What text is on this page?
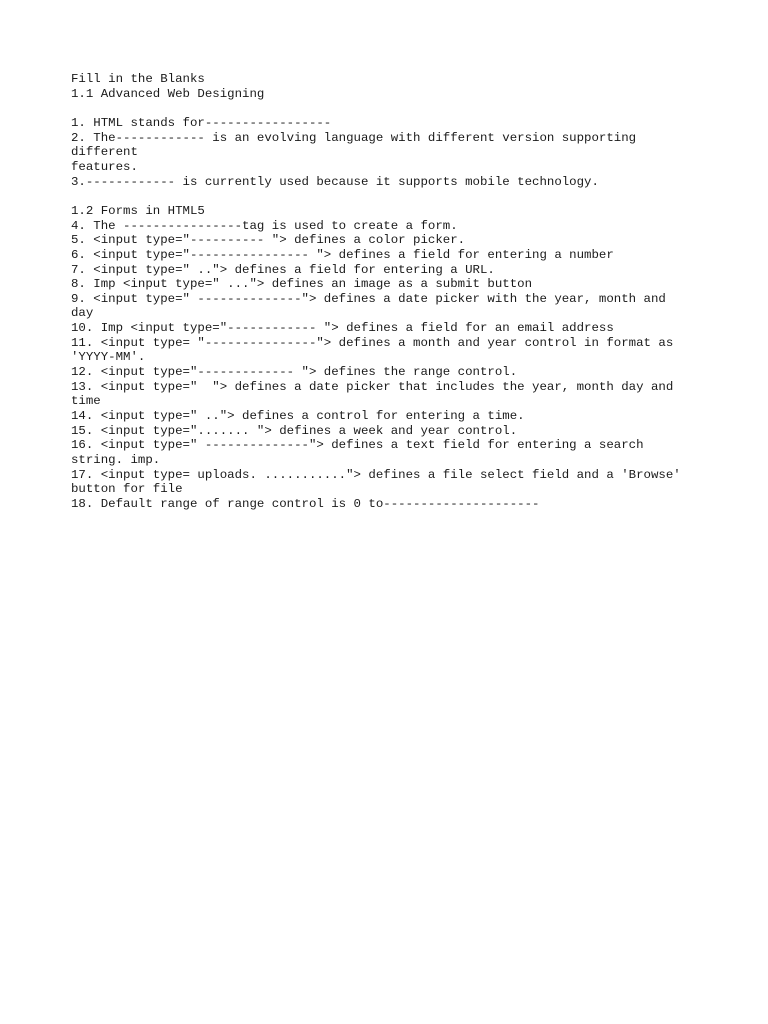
Fill in the Blanks
1.1 Advanced Web Designing
1. HTML stands for-----------------
2. The------------ is an evolving language with different version supporting
different
features.
3.------------ is currently used because it supports mobile technology.
1.2 Forms in HTML5
4. The ----------------tag is used to create a form.
5. <input type="---------- "> defines a color picker.
6. <input type="---------------- "> defines a field for entering a number
7. <input type=" .."> defines a field for entering a URL.
8. Imp <input type=" ..."> defines an image as a submit button
9. <input type=" --------------"> defines a date picker with the year, month and
day
10. Imp <input type="------------ "> defines a field for an email address
11. <input type= "---------------"> defines a month and year control in format as
'YYYY-MM'.
12. <input type="------------- "> defines the range control.
13. <input type="  "> defines a date picker that includes the year, month day and
time
14. <input type=" .."> defines a control for entering a time.
15. <input type="....... "> defines a week and year control.
16. <input type=" --------------"> defines a text field for entering a search
string. imp.
17. <input type= uploads. ..........."> defines a file select field and a 'Browse'
button for file
18. Default range of range control is 0 to---------------------
